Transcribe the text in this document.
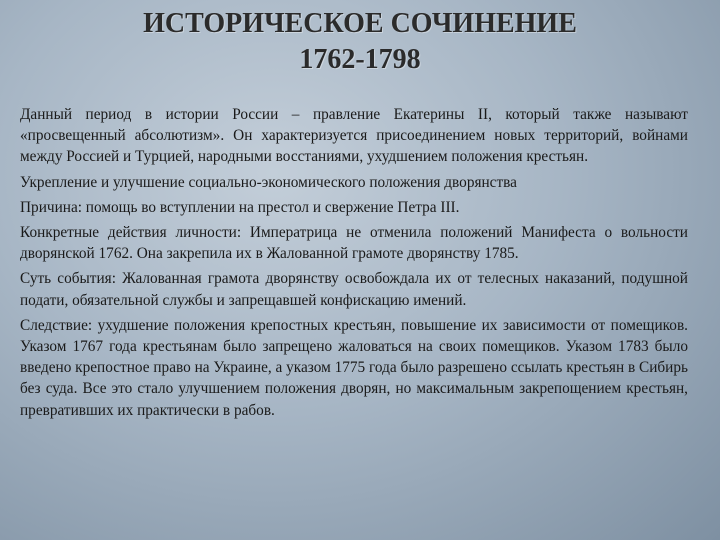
ИСТОРИЧЕСКОЕ СОЧИНЕНИЕ
1762-1798

Данный период в истории России – правление Екатерины II, который также называют «просвещенный абсолютизм». Он характеризуется присоединением новых территорий, войнами между Россией и Турцией, народными восстаниями, ухудшением положения крестьян.

Укрепление и улучшение социально-экономического положения дворянства

Причина: помощь во вступлении на престол и свержение Петра III.

Конкретные действия личности: Императрица не отменила положений Манифеста о вольности дворянской 1762. Она закрепила их в Жалованной грамоте дворянству 1785.

Суть события: Жалованная грамота дворянству освобождала их от телесных наказаний, подушной подати, обязательной службы и запрещавшей конфискацию имений.

Следствие: ухудшение положения крепостных крестьян, повышение их зависимости от помещиков. Указом 1767 года крестьянам было запрещено жаловаться на своих помещиков. Указом 1783 было введено крепостное право на Украине, а указом 1775 года было разрешено ссылать крестьян в Сибирь без суда. Все это стало улучшением положения дворян, но максимальным закрепощением крестьян, превративших их практически в рабов.
